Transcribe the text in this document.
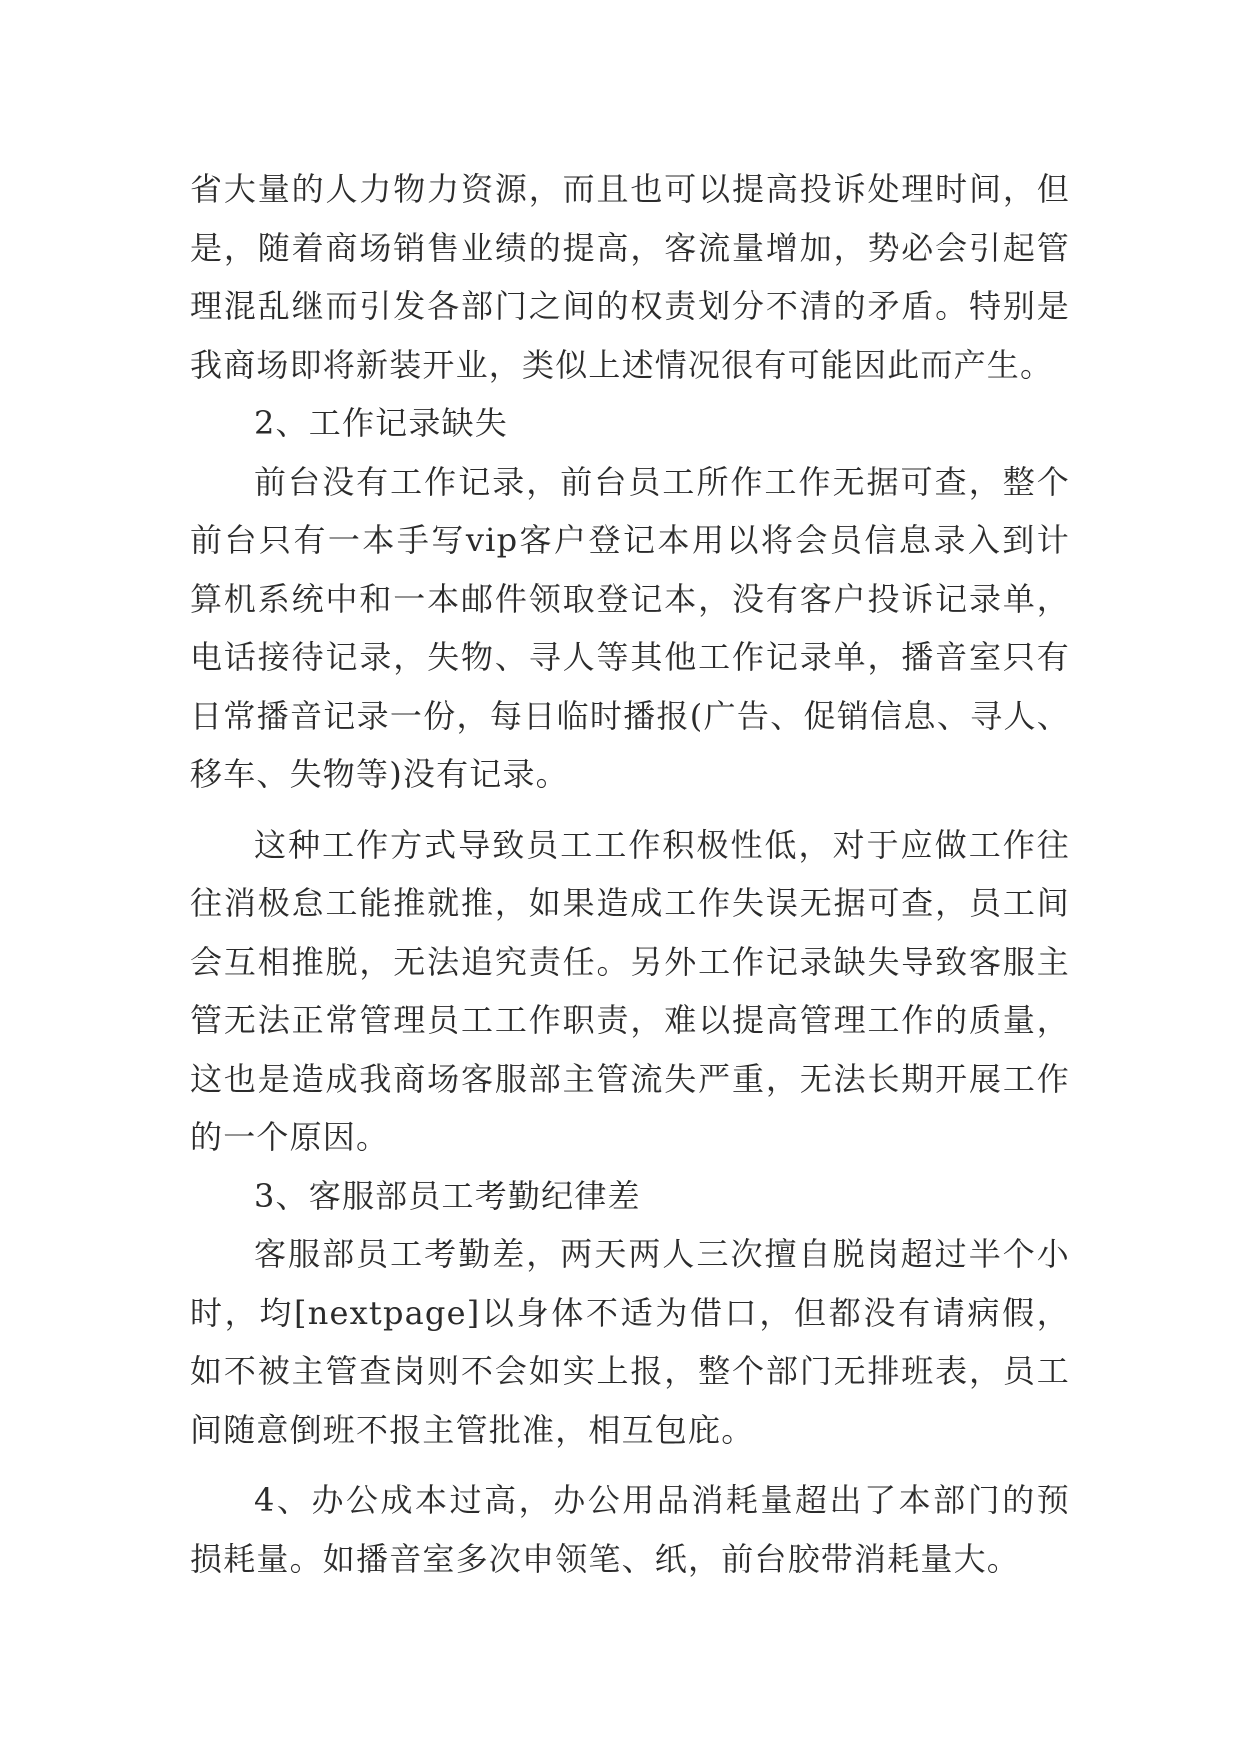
省大量的人力物力资源，而且也可以提高投诉处理时间，但是，随着商场销售业绩的提高，客流量增加，势必会引起管理混乱继而引发各部门之间的权责划分不清的矛盾。特别是我商场即将新装开业，类似上述情况很有可能因此而产生。

2、工作记录缺失

前台没有工作记录，前台员工所作工作无据可查，整个前台只有一本手写vip客户登记本用以将会员信息录入到计算机系统中和一本邮件领取登记本，没有客户投诉记录单，电话接待记录，失物、寻人等其他工作记录单，播音室只有日常播音记录一份，每日临时播报(广告、促销信息、寻人、移车、失物等)没有记录。

这种工作方式导致员工工作积极性低，对于应做工作往往消极怠工能推就推，如果造成工作失误无据可查，员工间会互相推脱，无法追究责任。另外工作记录缺失导致客服主管无法正常管理员工工作职责，难以提高管理工作的质量，这也是造成我商场客服部主管流失严重，无法长期开展工作的一个原因。

3、客服部员工考勤纪律差

客服部员工考勤差，两天两人三次擅自脱岗超过半个小时，均[nextpage]以身体不适为借口，但都没有请病假，如不被主管查岗则不会如实上报，整个部门无排班表，员工间随意倒班不报主管批准，相互包庇。

4、办公成本过高，办公用品消耗量超出了本部门的预损耗量。如播音室多次申领笔、纸，前台胶带消耗量大。
